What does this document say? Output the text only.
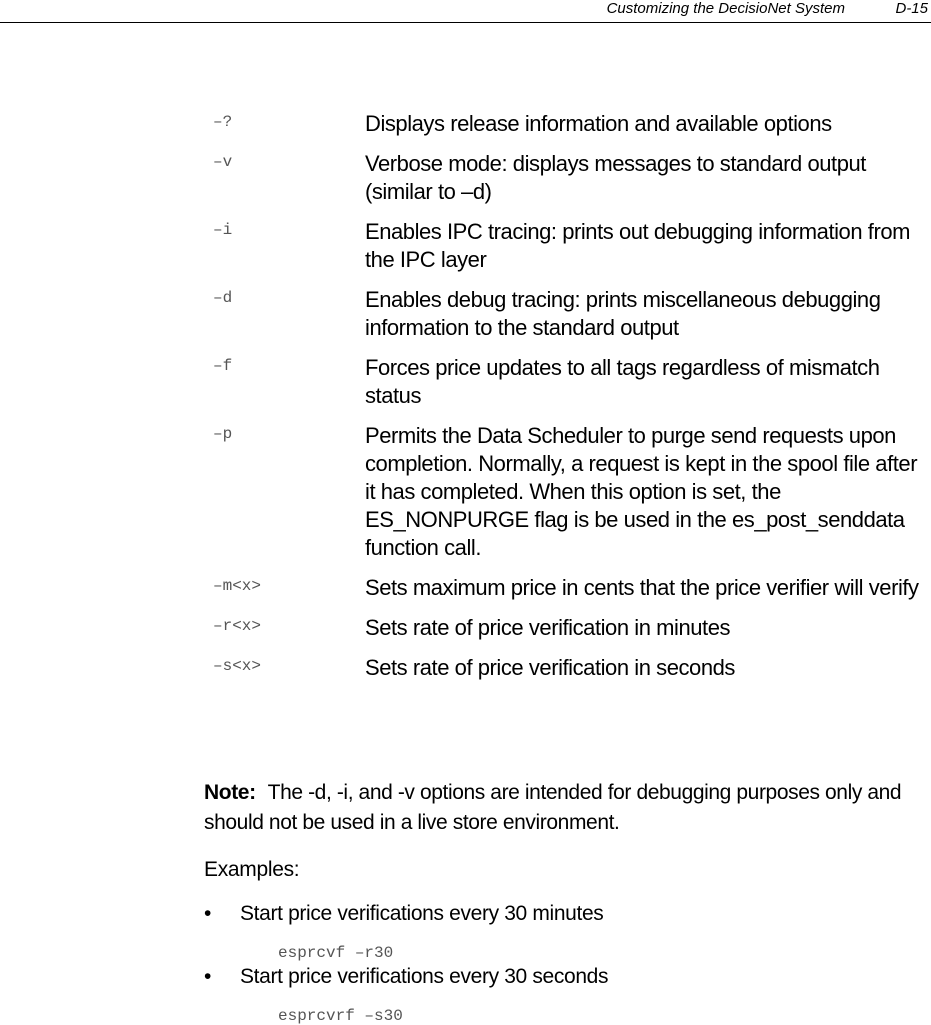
Customizing the DecisioNet System	D-15
–?	Displays release information and available options
–v	Verbose mode: displays messages to standard output (similar to –d)
–i	Enables IPC tracing: prints out debugging information from the IPC layer
–d	Enables debug tracing: prints miscellaneous debugging information to the standard output
–f	Forces price updates to all tags regardless of mismatch status
–p	Permits the Data Scheduler to purge send requests upon completion. Normally, a request is kept in the spool file after it has completed. When this option is set, the ES_NONPURGE flag is be used in the es_post_senddata function call.
–m<x>	Sets maximum price in cents that the price verifier will verify
–r<x>	Sets rate of price verification in minutes
–s<x>	Sets rate of price verification in seconds
Note: The -d, -i, and -v options are intended for debugging purposes only and should not be used in a live store environment.
Examples:
• Start price verifications every 30 minutes
esprcvf –r30
• Start price verifications every 30 seconds
esprcvrf –s30
